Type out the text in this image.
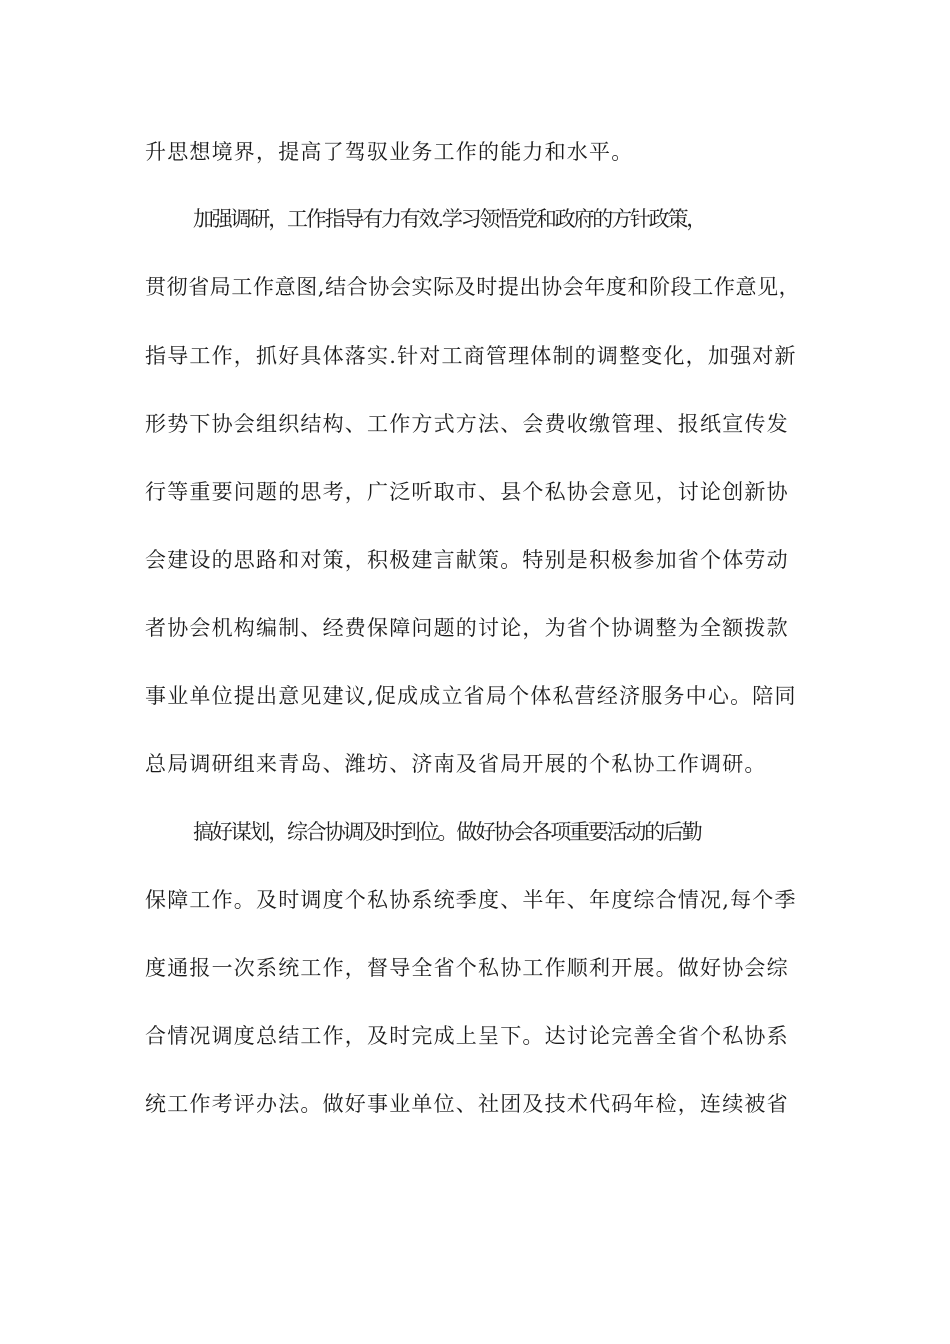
升思想境界，提高了驾驭业务工作的能力和水平。
加强调研，工作指导有力有效.学习领悟党和政府的方针政策，
贯彻省局工作意图,结合协会实际及时提出协会年度和阶段工作意见，
指导工作，抓好具体落实.针对工商管理体制的调整变化，加强对新
形势下协会组织结构、工作方式方法、会费收缴管理、报纸宣传发
行等重要问题的思考，广泛听取市、县个私协会意见，讨论创新协
会建设的思路和对策，积极建言献策。特别是积极参加省个体劳动
者协会机构编制、经费保障问题的讨论，为省个协调整为全额拨款
事业单位提出意见建议,促成成立省局个体私营经济服务中心。陪同
总局调研组来青岛、潍坊、济南及省局开展的个私协工作调研。
搞好谋划，综合协调及时到位。做好协会各项重要活动的后勤
保障工作。及时调度个私协系统季度、半年、年度综合情况,每个季
度通报一次系统工作，督导全省个私协工作顺利开展。做好协会综
合情况调度总结工作，及时完成上呈下。达讨论完善全省个私协系
统工作考评办法。做好事业单位、社团及技术代码年检，连续被省
